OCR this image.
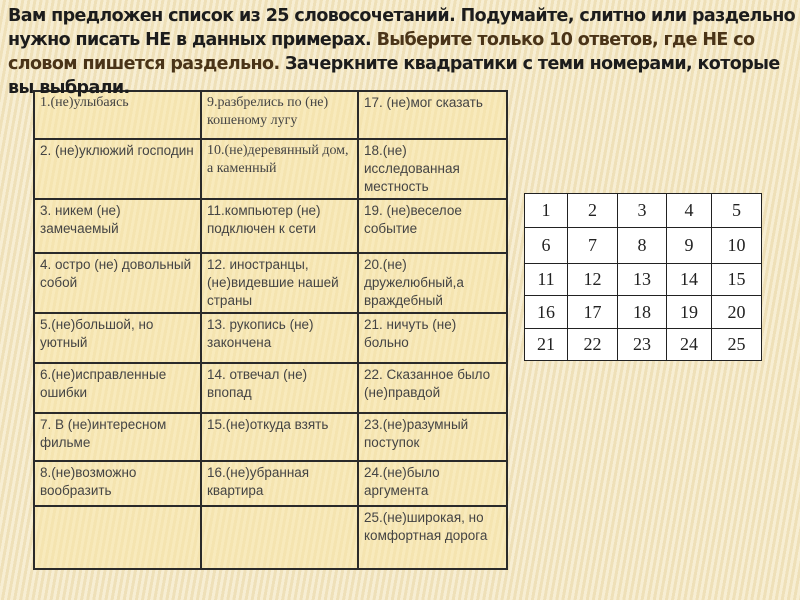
Вам предложен список из 25 словосочетаний. Подумайте, слитно или раздельно нужно писать НЕ в данных примерах. Выберите только 10 ответов, где НЕ со словом пишется раздельно. Зачеркните квадратики с теми номерами, которые вы выбрали.
1.(не)улыбаясь	9.разбрелись по (не) кошеному лугу	17. (не)мог сказать
2. (не)уклюжий господин	10.(не)деревянный дом, а каменный	18.(не) исследованная местность
3. никем (не) замечаемый	11.компьютер (не) подключен к сети	19. (не)веселое событие
4. остро (не) довольный собой	12. иностранцы, (не)видевшие нашей страны	20.(не) дружелюбный,а враждебный
5.(не)большой, но уютный	13. рукопись (не) закончена	21. ничуть (не) больно
6.(не)исправленные ошибки	14. отвечал (не) впопад	22. Сказанное было (не)правдой
7. В (не)интересном фильме	15.(не)откуда взять	23.(не)разумный поступок
8.(не)возможно вообразить	16.(не)убранная квартира	24.(не)было аргумента
		25.(не)широкая, но комфортная дорога
1	2	3	4	5
6	7	8	9	10
11	12	13	14	15
16	17	18	19	20
21	22	23	24	25
